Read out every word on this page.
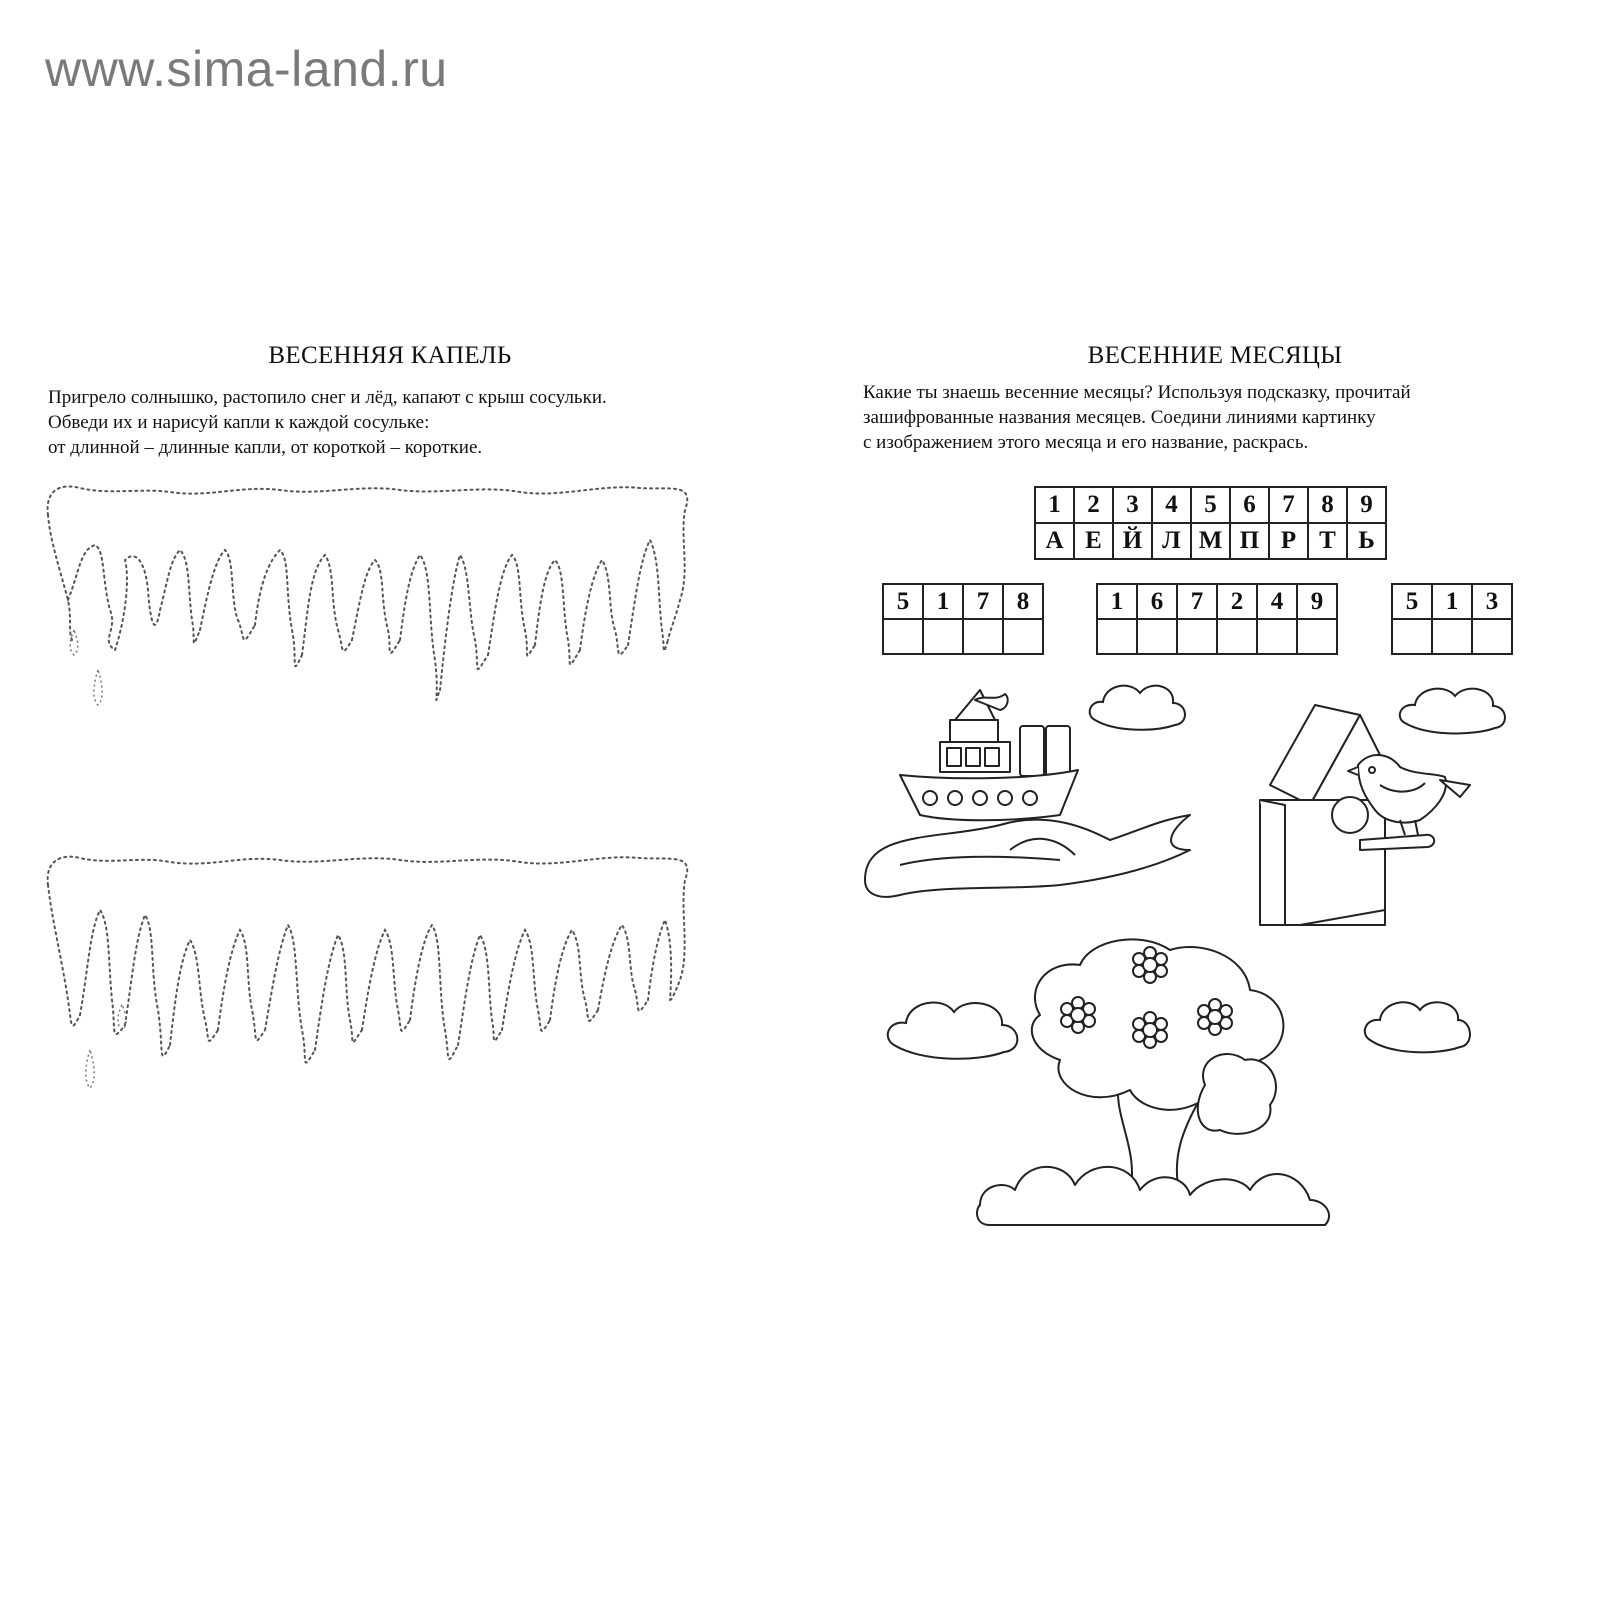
www.sima-land.ru
ВЕСЕННЯЯ КАПЕЛЬ
Пригрело солнышко, растопило снег и лёд, капают с крыш сосульки.
Обведи их и нарисуй капли к каждой сосульке:
от длинной – длинные капли, от короткой – короткие.
ВЕСЕННИЕ МЕСЯЦЫ
Какие ты знаешь весенние месяцы? Используя подсказку, прочитай
зашифрованные названия месяцев. Соедини линиями картинку
с изображением этого месяца и его название, раскрась.
1	2	3	4	5	6	7	8	9
А	Е	Й	Л	М	П	Р	Т	Ь
5	1	7	8
				1	6	7	2	4	9
						5	1	3
